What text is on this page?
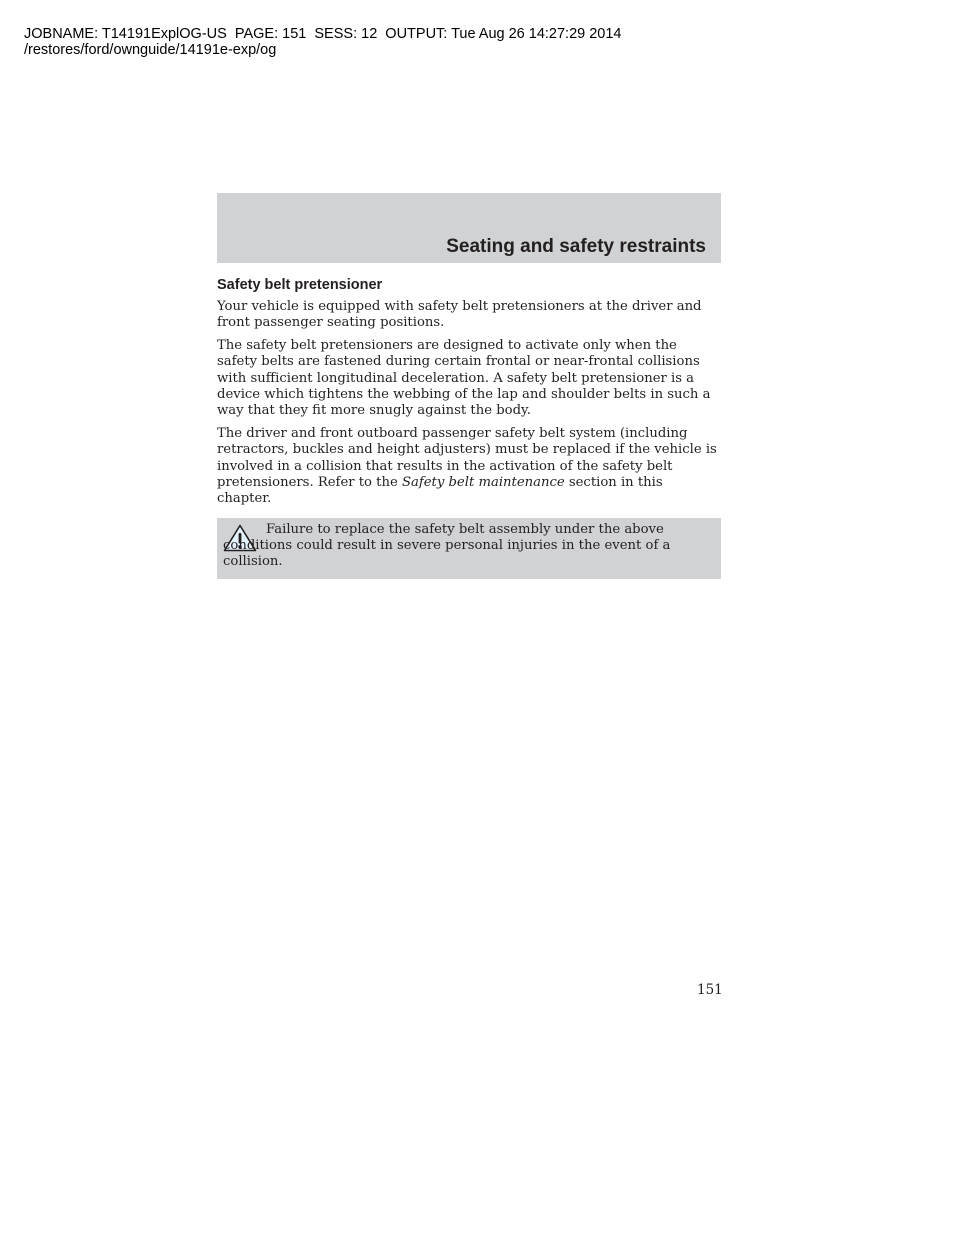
JOBNAME: T14191ExplOG-US  PAGE: 151  SESS: 12  OUTPUT: Tue Aug 26 14:27:29 2014
/restores/ford/ownguide/14191e-exp/og
Seating and safety restraints
Safety belt pretensioner

Your vehicle is equipped with safety belt pretensioners at the driver and front passenger seating positions.

The safety belt pretensioners are designed to activate only when the safety belts are fastened during certain frontal or near-frontal collisions with sufficient longitudinal deceleration. A safety belt pretensioner is a device which tightens the webbing of the lap and shoulder belts in such a way that they fit more snugly against the body.

The driver and front outboard passenger safety belt system (including retractors, buckles and height adjusters) must be replaced if the vehicle is involved in a collision that results in the activation of the safety belt pretensioners. Refer to the Safety belt maintenance section in this chapter.

Failure to replace the safety belt assembly under the above conditions could result in severe personal injuries in the event of a collision.
151
